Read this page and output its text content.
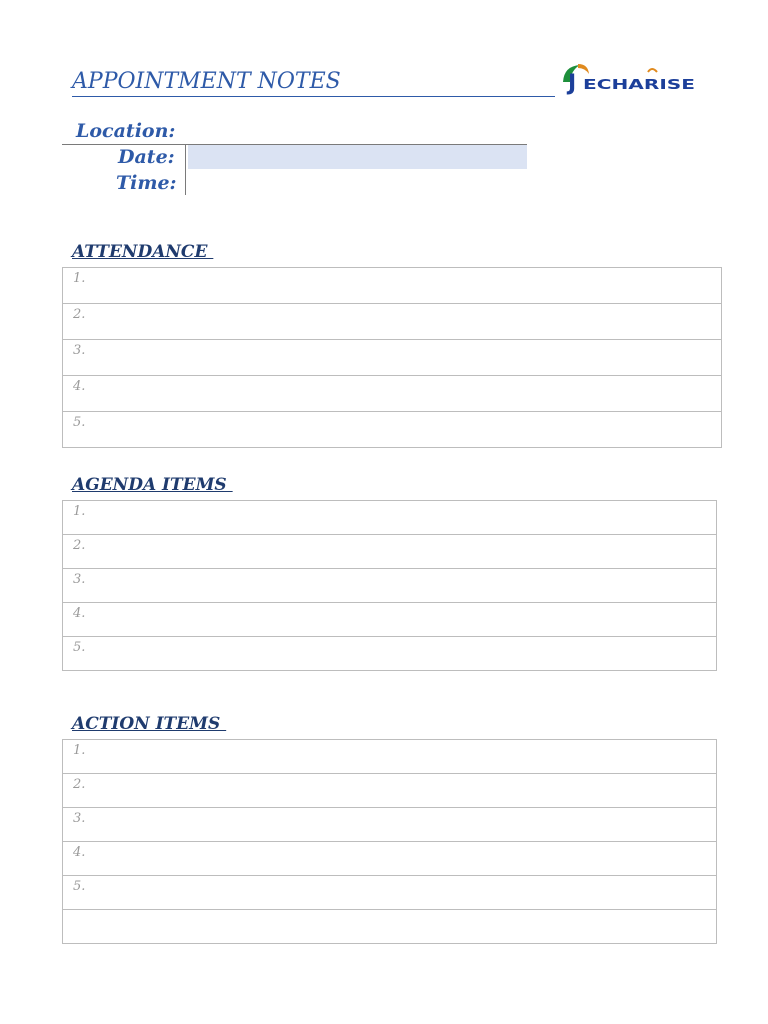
APPOINTMENT NOTES	J ECHARISE
Location:
Date:
Time:
ATTENDANCE
1.
2.
3.
4.
5.
AGENDA ITEMS
1.
2.
3.
4.
5.
ACTION ITEMS
1.
2.
3.
4.
5.
